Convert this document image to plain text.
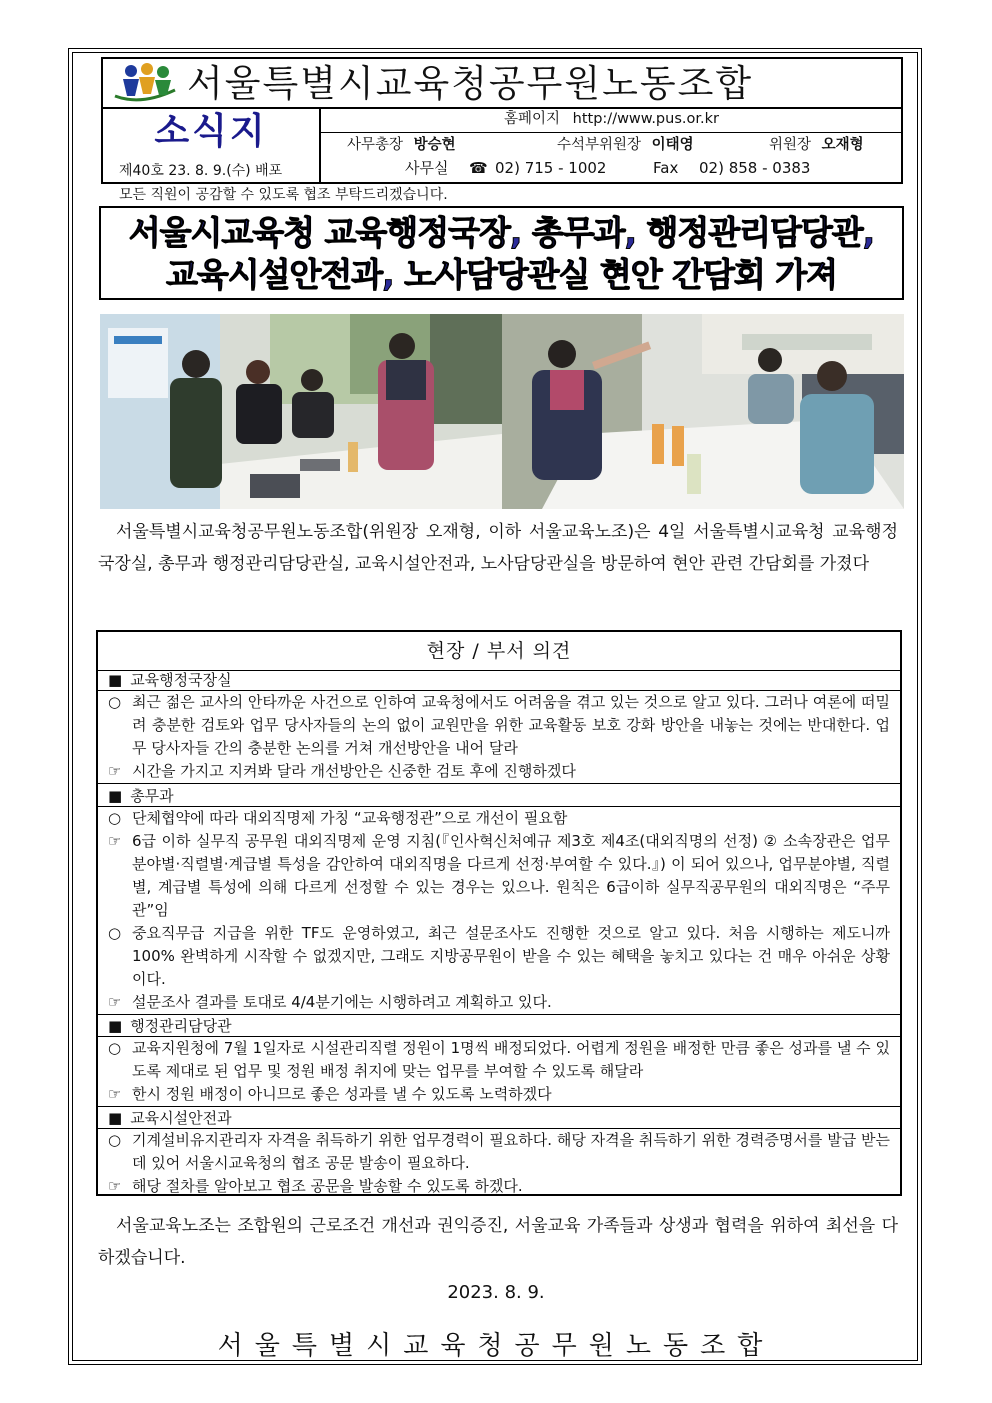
서울특별시교육청공무원노동조합
소식지
제40호 23. 8. 9.(수) 배포
홈페이지 http://www.pus.or.kr
사무총장 방승현	수석부위원장 이태영	위원장 오재형
사무실 ☎ 02) 715 - 1002	Fax 02) 858 - 0383
모든 직원이 공감할 수 있도록 협조 부탁드리겠습니다.
서울시교육청 교육행정국장, 총무과, 행정관리담당관,
교육시설안전과, 노사담당관실 현안 간담회 가져
서울특별시교육청공무원노동조합(위원장 오재형, 이하 서울교육노조)은 4일 서울특별시교육청 교육행정국장실, 총무과 행정관리담당관실, 교육시설안전과, 노사담당관실을 방문하여 현안 관련 간담회를 가졌다
현장 / 부서 의견
■ 교육행정국장실
○ 최근 젊은 교사의 안타까운 사건으로 인하여 교육청에서도 어려움을 겪고 있는 것으로 알고 있다. 그러나 여론에 떠밀려 충분한 검토와 업무 당사자들의 논의 없이 교원만을 위한 교육활동 보호 강화 방안을 내놓는 것에는 반대한다. 업무 당사자들 간의 충분한 논의를 거쳐 개선방안을 내어 달라
☞ 시간을 가지고 지켜봐 달라 개선방안은 신중한 검토 후에 진행하겠다
■ 총무과
○ 단체협약에 따라 대외직명제 가칭 “교육행정관”으로 개선이 필요함
☞ 6급 이하 실무직 공무원 대외직명제 운영 지침(『인사혁신처예규 제3호 제4조(대외직명의 선정) ② 소속장관은 업무분야별·직렬별·계급별 특성을 감안하여 대외직명을 다르게 선정·부여할 수 있다.』) 이 되어 있으나, 업무분야별, 직렬별, 계급별 특성에 의해 다르게 선정할 수 있는 경우는 있으나. 원칙은 6급이하 실무직공무원의 대외직명은 “주무관”임
○ 중요직무급 지급을 위한 TF도 운영하였고, 최근 설문조사도 진행한 것으로 알고 있다. 처음 시행하는 제도니까 100% 완벽하게 시작할 수 없겠지만, 그래도 지방공무원이 받을 수 있는 혜택을 놓치고 있다는 건 매우 아쉬운 상황이다.
☞ 설문조사 결과를 토대로 4/4분기에는 시행하려고 계획하고 있다.
■ 행정관리담당관
○ 교육지원청에 7월 1일자로 시설관리직렬 정원이 1명씩 배정되었다. 어렵게 정원을 배정한 만큼 좋은 성과를 낼 수 있도록 제대로 된 업무 및 정원 배정 취지에 맞는 업무를 부여할 수 있도록 해달라
☞ 한시 정원 배정이 아니므로 좋은 성과를 낼 수 있도록 노력하겠다
■ 교육시설안전과
○ 기계설비유지관리자 자격을 취득하기 위한 업무경력이 필요하다. 해당 자격을 취득하기 위한 경력증명서를 발급 받는데 있어 서울시교육청의 협조 공문 발송이 필요하다.
☞ 해당 절차를 알아보고 협조 공문을 발송할 수 있도록 하겠다.
서울교육노조는 조합원의 근로조건 개선과 권익증진, 서울교육 가족들과 상생과 협력을 위하여 최선을 다하겠습니다.
2023. 8. 9.
서울특별시교육청공무원노동조합
